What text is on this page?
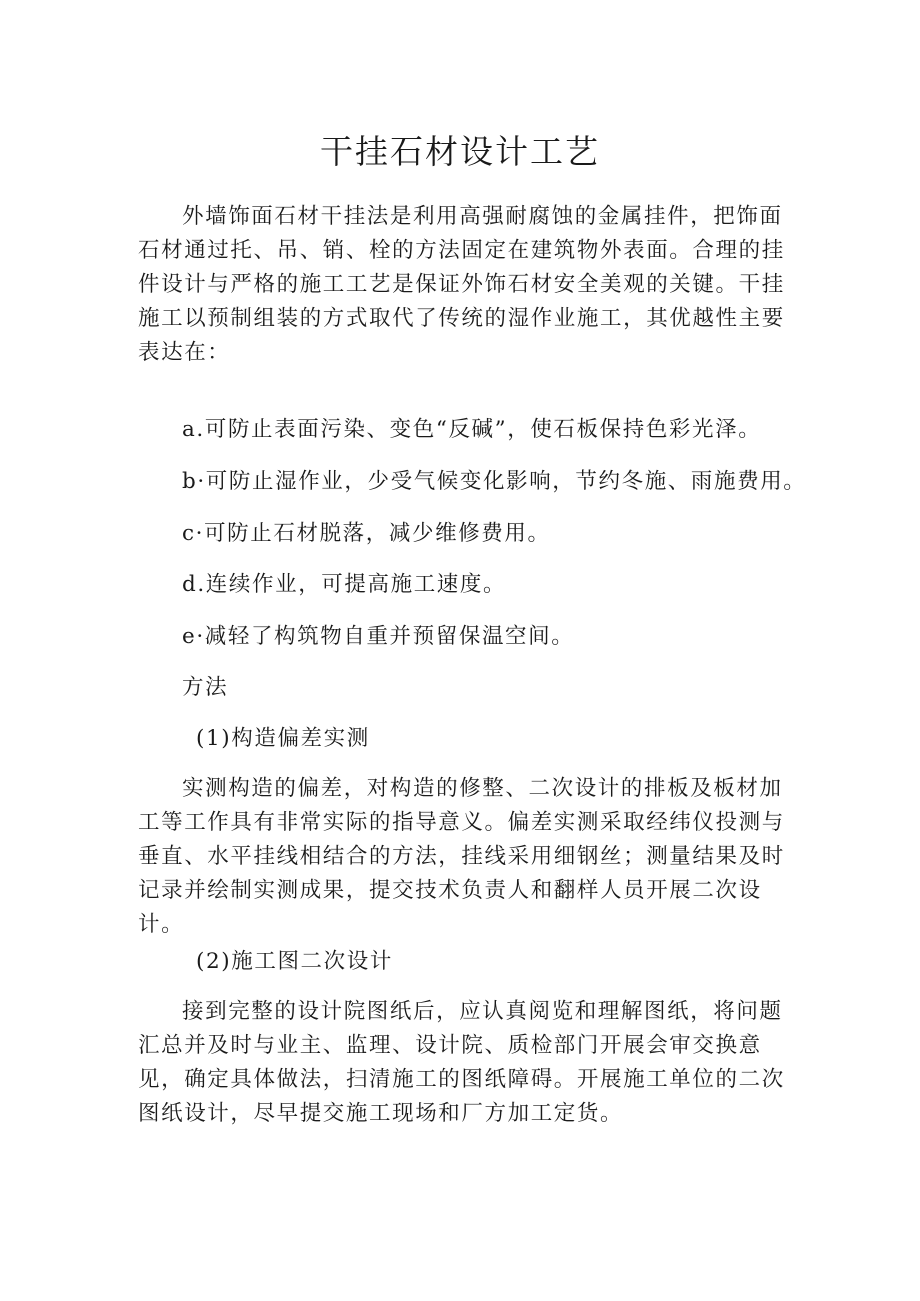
干挂石材设计工艺

外墙饰面石材干挂法是利用高强耐腐蚀的金属挂件，把饰面石材通过托、吊、销、栓的方法固定在建筑物外表面。合理的挂件设计与严格的施工工艺是保证外饰石材安全美观的关键。干挂施工以预制组装的方式取代了传统的湿作业施工，其优越性主要表达在：

a.可防止表面污染、变色“反碱”，使石板保持色彩光泽。

b·可防止湿作业，少受气候变化影响，节约冬施、雨施费用。

c·可防止石材脱落，减少维修费用。

d.连续作业，可提高施工速度。

e·减轻了构筑物自重并预留保温空间。

方法

(1)构造偏差实测

实测构造的偏差，对构造的修整、二次设计的排板及板材加工等工作具有非常实际的指导意义。偏差实测采取经纬仪投测与垂直、水平挂线相结合的方法，挂线采用细钢丝；测量结果及时记录并绘制实测成果，提交技术负责人和翻样人员开展二次设计。

(2)施工图二次设计

接到完整的设计院图纸后，应认真阅览和理解图纸，将问题汇总并及时与业主、监理、设计院、质检部门开展会审交换意见，确定具体做法，扫清施工的图纸障碍。开展施工单位的二次图纸设计，尽早提交施工现场和厂方加工定货。
